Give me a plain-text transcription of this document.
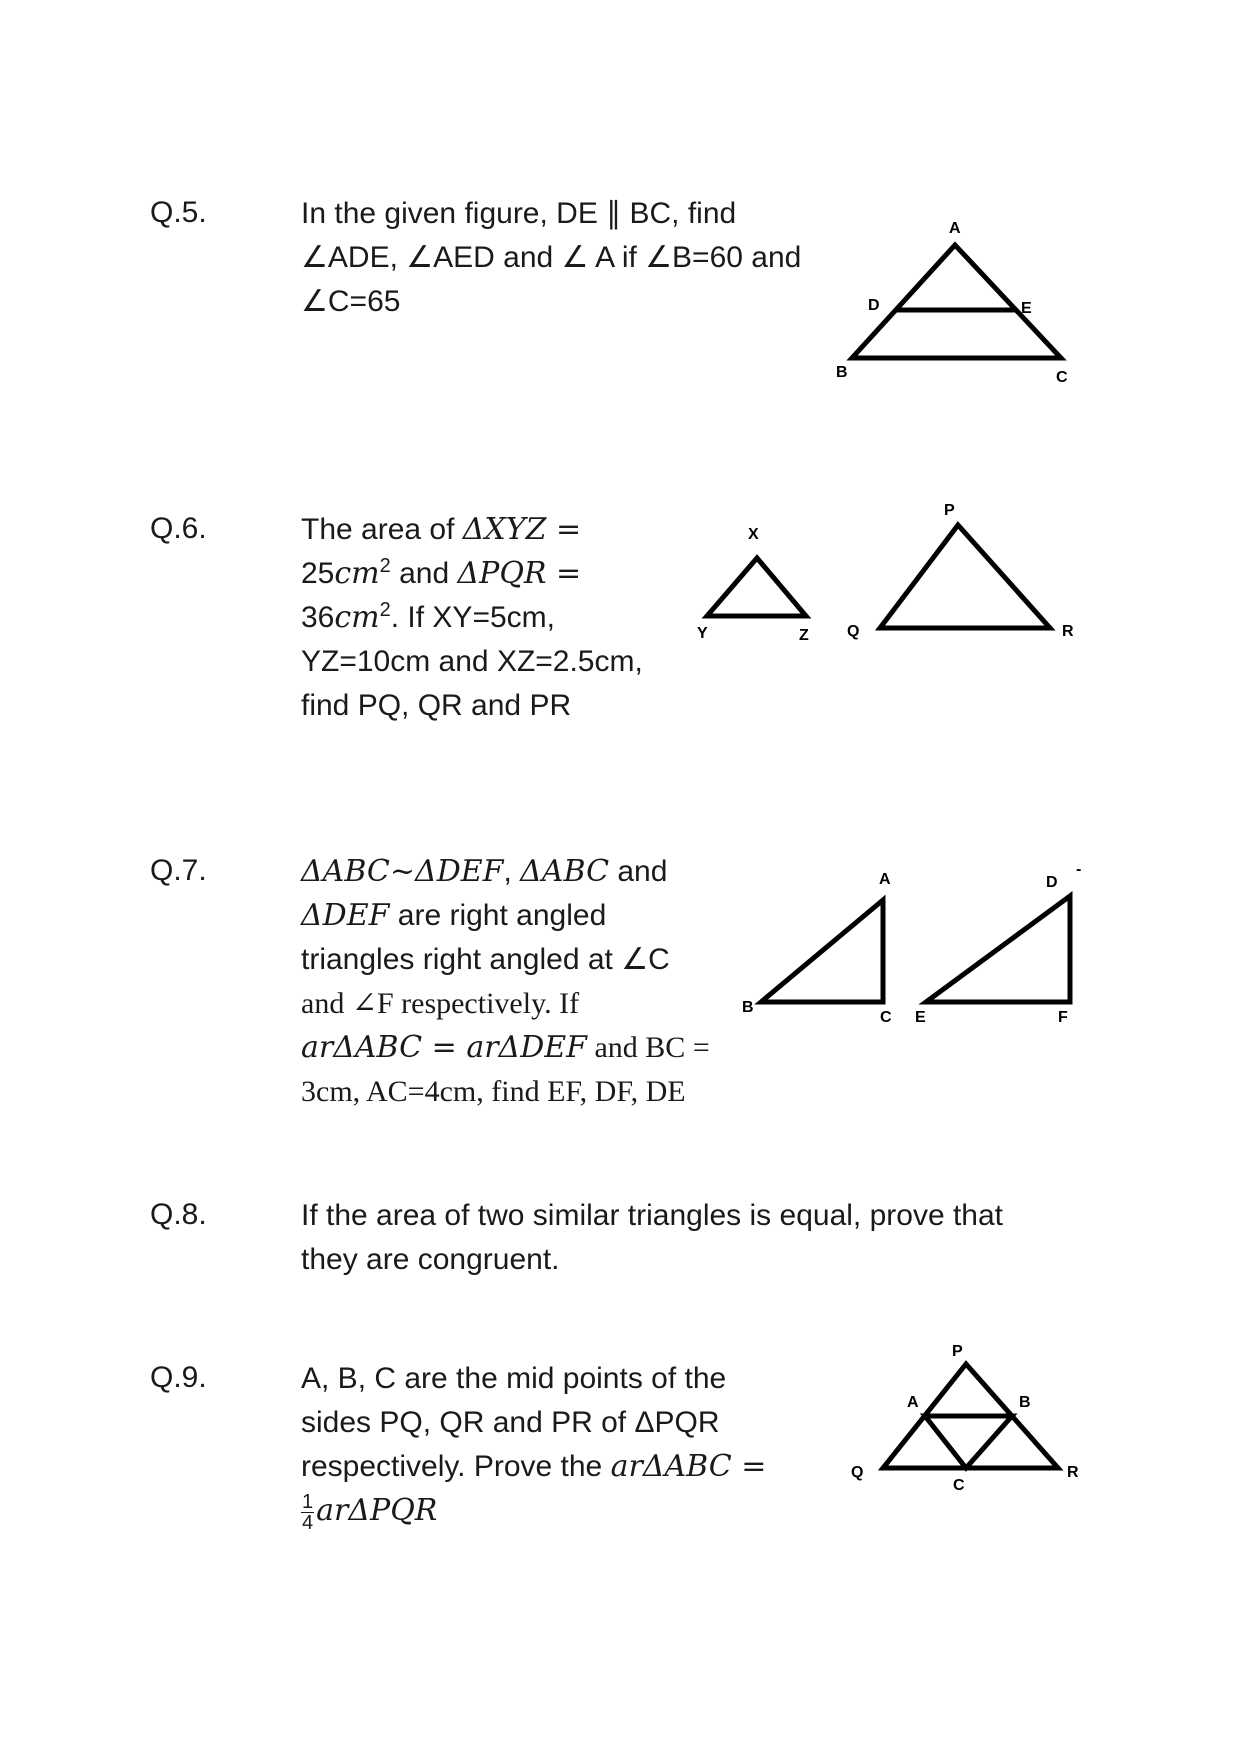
Q.5.	In the given figure, DE ∥ BC, find
∠ADE, ∠AED and ∠ A if ∠B=60 and
∠C=65
A
D	E
B	C
Q.6.	The area of ΔXYZ =
$25cm^2$ and ΔPQR =
$36cm^2$. If XY=5cm,
YZ=10cm and XZ=2.5cm,
find PQ, QR and PR
X
Y	Z
P
Q	R
Q.7.	ΔABC~ΔDEF, ΔABC and
ΔDEF are right angled
triangles right angled at ∠C
and ∠F respectively. If
arΔABC = arΔDEF and BC =
3cm, AC=4cm, find EF, DF, DE
A
B
C
D
-
E	F
Q.8.	If the area of two similar triangles is equal, prove that
they are congruent.
Q.9.	A, B, C are the mid points of the
sides PQ, QR and PR of ΔPQR
respectively. Prove the arΔABC =
$\frac{1}{4}$ arΔPQR
P
A	B
Q
C
R
